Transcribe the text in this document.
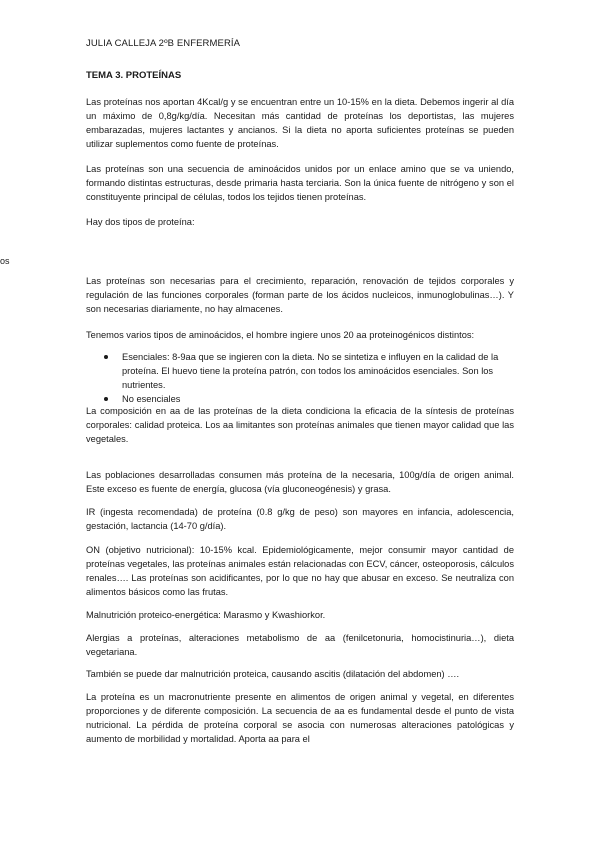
JULIA CALLEJA 2ºB ENFERMERÍA
TEMA 3. PROTEÍNAS
Las proteínas nos aportan 4Kcal/g y se encuentran entre un 10-15% en la dieta. Debemos ingerir al día un máximo de 0,8g/kg/día. Necesitan más cantidad de proteínas los deportistas, las mujeres embarazadas, mujeres lactantes y ancianos. Si la dieta no aporta suficientes proteínas se pueden utilizar suplementos como fuente de proteínas.
Las proteínas son una secuencia de aminoácidos unidos por un enlace amino que se va uniendo, formando distintas estructuras, desde primaria hasta terciaria. Son la única fuente de nitrógeno y son el constituyente principal de células, todos los tejidos tienen proteínas.
Hay dos tipos de proteína:
os
Las proteínas son necesarias para el crecimiento, reparación, renovación de tejidos corporales y regulación de las funciones corporales (forman parte de los ácidos nucleicos, inmunoglobulinas…). Y son necesarias diariamente, no hay almacenes.
Tenemos varios tipos de aminoácidos, el hombre ingiere unos 20 aa proteinogénicos distintos:
Esenciales: 8-9aa que se ingieren con la dieta. No se sintetiza e influyen en la calidad de la proteína. El huevo tiene la proteína patrón, con todos los aminoácidos esenciales. Son los nutrientes.
No esenciales
La composición en aa de las proteínas de la dieta condiciona la eficacia de la síntesis de proteínas corporales: calidad proteica. Los aa limitantes son proteínas animales que tienen mayor calidad que las vegetales.
Las poblaciones desarrolladas consumen más proteína de la necesaria, 100g/día de origen animal. Este exceso es fuente de energía, glucosa (vía gluconeogénesis) y grasa.
IR (ingesta recomendada) de proteína (0.8 g/kg de peso) son mayores en infancia, adolescencia, gestación, lactancia (14-70 g/día).
ON (objetivo nutricional): 10-15% kcal. Epidemiológicamente, mejor consumir mayor cantidad de proteínas vegetales, las proteínas animales están relacionadas con ECV, cáncer, osteoporosis, cálculos renales…. Las proteínas son acidificantes, por lo que no hay que abusar en exceso. Se neutraliza con alimentos básicos como las frutas.
Malnutrición proteico-energética: Marasmo y Kwashiorkor.
Alergias a proteínas, alteraciones metabolismo de aa (fenilcetonuria, homocistinuria…), dieta vegetariana.
También se puede dar malnutrición proteica, causando ascitis (dilatación del abdomen) ….
La proteína es un macronutriente presente en alimentos de origen animal y vegetal, en diferentes proporciones y de diferente composición. La secuencia de aa es fundamental desde el punto de vista nutricional. La pérdida de proteína corporal se asocia con numerosas alteraciones patológicas y aumento de morbilidad y mortalidad. Aporta aa para el
